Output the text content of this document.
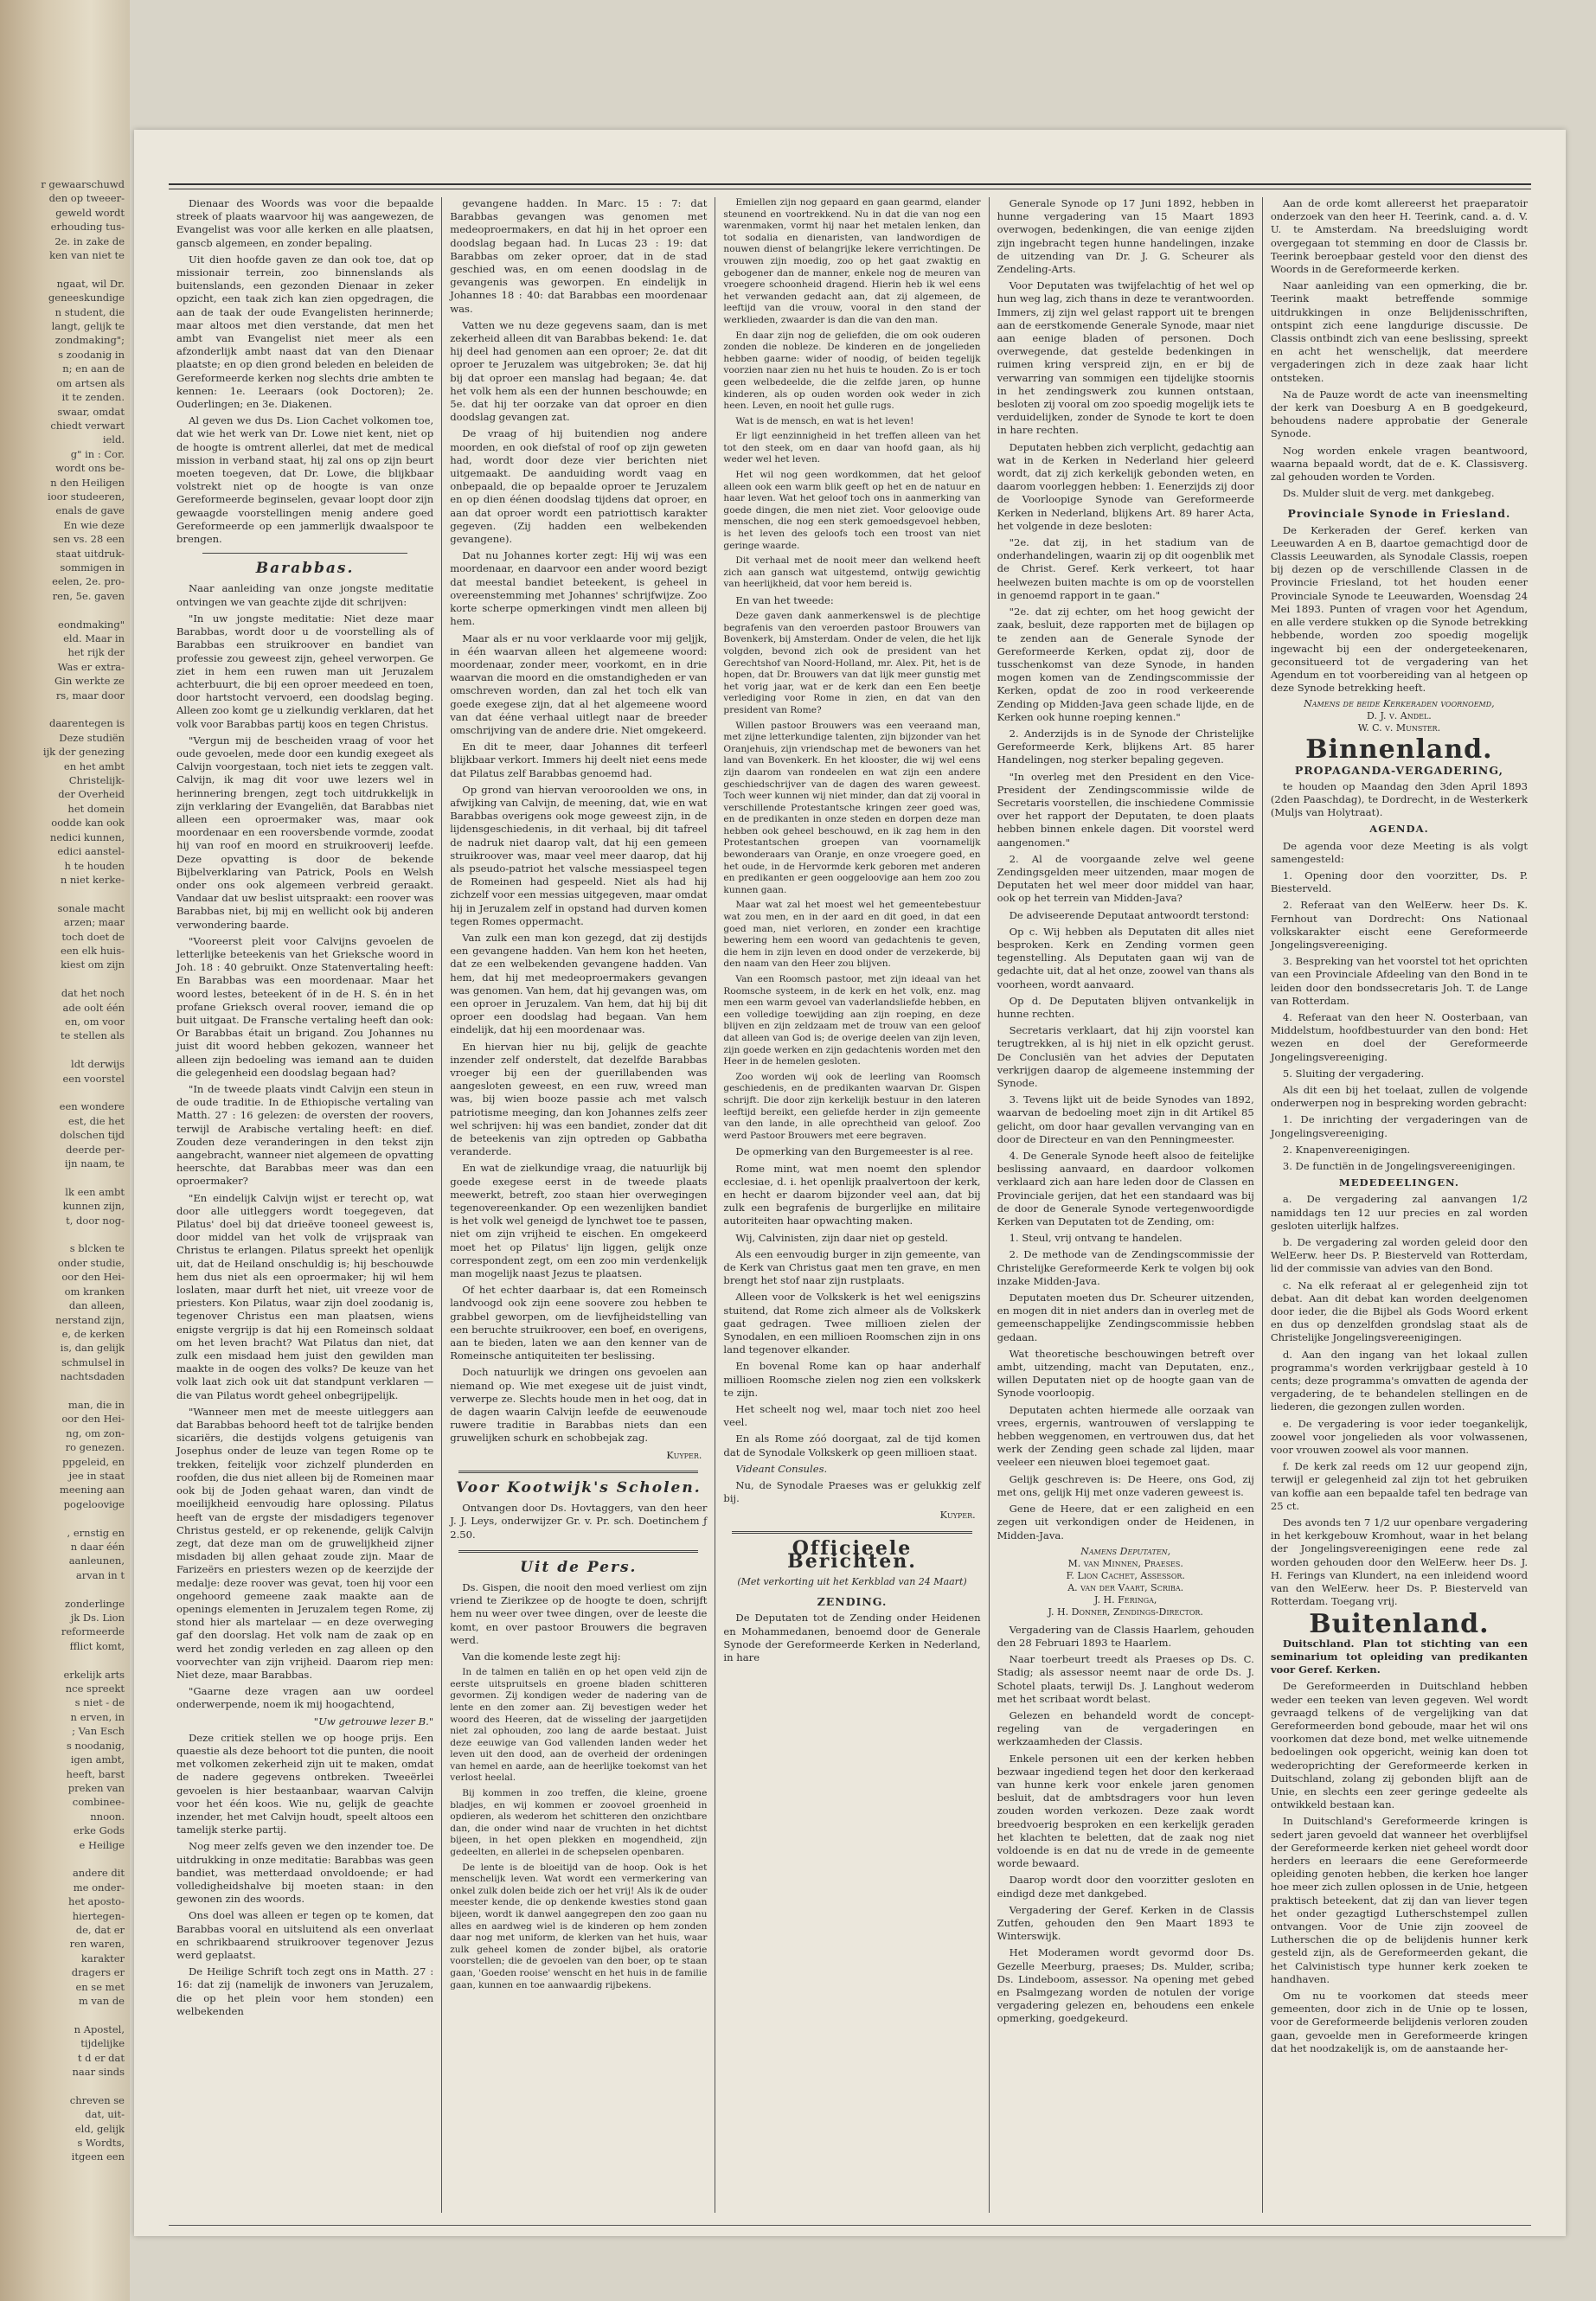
r gewaarschuwd
den op tweeer-
geweld wordt
erhouding tus-
2e. in zake de
ken van niet te

ngaat, wil Dr.
geneeskundige
n student, die
langt, gelijk te
zondmaking";
s zoodanig in
n; en aan de
om artsen als
it te zenden.
swaar, omdat
chiedt verwart
ield.
g" in : Cor.
wordt ons be-
n den Heiligen
ioor studeeren,
enals de gave
En wie deze
sen vs. 28 een
staat uitdruk-
sommigen in
eelen, 2e. pro-
ren, 5e. gaven

eondmaking"
eld. Maar in
het rijk der
Was er extra-
Gin werkte ze
rs, maar door

daarentegen is
Deze studiën
ijk der genezing
en het ambt
Christelijk-
der Overheid
het domein
oodde kan ook
nedici kunnen,
edici aanstel-
h te houden
n niet kerke-

sonale macht
arzen; maar
toch doet de
een elk huis-
kiest om zijn

dat het noch
ade oolt één
en, om voor
te stellen als

ldt derwijs
een voorstel

een wondere
est, die het
dolschen tijd
deerde per-
ijn naam, te

lk een ambt
kunnen zijn,
t, door nog-

s blcken te
onder studie,
oor den Hei-
om kranken
dan alleen,
nerstand zijn,
e, de kerken
is, dan gelijk
schmulsel in
nachtsdaden

man, die in
oor den Hei-
ng, om zon-
ro genezen.
ppgeleid, en
jee in staat
meening aan
pogeloovige

, ernstig en
n daar één
aanleunen,
arvan in t

zonderlinge
jk Ds. Lion
reformeerde
fflict komt,

erkelijk arts
nce spreekt
s niet - de
n erven, in
; Van Esch
s noodanig,
igen ambt,
heeft, barst
preken van
combinee-
nnoon.
erke Gods
e Heilige

andere dit
me onder-
het aposto-
hiertegen-
de, dat er
ren waren,
karakter
dragers er
en se met
m van de

n Apostel,
tijdelijke
t d er dat
naar sinds

chreven se
dat, uit-
eld, gelijk
s Wordts,
itgeen een

Dienaar des Woords was voor die bepaalde streek of plaats waarvoor hij was aangewezen, de Evangelist was voor alle kerken en alle plaatsen, ganscb algemeen, en zonder bepaling.

Uit dien hoofde gaven ze dan ook toe, dat op missionair terrein, zoo binnenslands als buitenslands, een gezonden Dienaar in zeker opzicht, een taak zich kan zien opgedragen, die aan de taak der oude Evangelisten herinnerde; maar altoos met dien verstande, dat men het ambt van Evangelist niet meer als een afzonderlijk ambt naast dat van den Dienaar plaatste; en op dien grond beleden en beleiden de Gereformeerde kerken nog slechts drie ambten te kennen: 1e. Leeraars (ook Doctoren); 2e. Ouderlingen; en 3e. Diakenen.

Al geven we dus Ds. Lion Cachet volkomen toe, dat wie het werk van Dr. Lowe niet kent, niet op de hoogte is omtrent allerlei, dat met de medical mission in verband staat, hij zal ons op zijn beurt moeten toegeven, dat Dr. Lowe, die blijkbaar volstrekt niet op de hoogte is van onze Gereformeerde beginselen, gevaar loopt door zijn gewaagde voorstellingen menig andere goed Gereformeerde op een jammerlijk dwaalspoor te brengen.

Barabbas.

Naar aanleiding van onze jongste meditatie ontvingen we van geachte zijde dit schrijven:

"In uw jongste meditatie: Niet deze maar Barabbas, wordt door u de voorstelling als of Barabbas een struikroover en bandiet van professie zou geweest zijn, geheel verworpen. Ge ziet in hem een ruwen man uit Jeruzalem achterbuurt, die bij een oproer meedeed en toen, door hartstocht vervoerd, een doodslag beging. Alleen zoo komt ge u zielkundig verklaren, dat het volk voor Barabbas partij koos en tegen Christus.

"Vergun mij de bescheiden vraag of voor het oude gevoelen, mede door een kundig exegeet als Calvijn voorgestaan, toch niet iets te zeggen valt. Calvijn, ik mag dit voor uwe lezers wel in herinnering brengen, zegt toch uitdrukkelijk in zijn verklaring der Evangeliën, dat Barabbas niet alleen een oproermaker was, maar ook moordenaar en een rooversbende vormde, zoodat hij van roof en moord en struikrooverij leefde. Deze opvatting is door de bekende Bijbelverklaring van Patrick, Pools en Welsh onder ons ook algemeen verbreid geraakt. Vandaar dat uw beslist uitspraakt: een roover was Barabbas niet, bij mij en wellicht ook bij anderen verwondering baarde.

"Vooreerst pleit voor Calvijns gevoelen de letterlijke beteekenis van het Grieksche woord in Joh. 18 : 40 gebruikt. Onze Statenvertaling heeft: En Barabbas was een moordenaar. Maar het woord lestes, beteekent óf in de H. S. én in het profane Grieksch overal roover, iemand die op buit uitgaat. De Fransche vertaling heeft dan ook: Or Barabbas était un brigand. Zou Johannes nu juist dit woord hebben gekozen, wanneer het alleen zijn bedoeling was iemand aan te duiden die gelegenheid een doodslag begaan had?

"In de tweede plaats vindt Calvijn een steun in de oude traditie. In de Ethiopische vertaling van Matth. 27 : 16 gelezen: de oversten der roovers, terwijl de Arabische vertaling heeft: en dief. Zouden deze veranderingen in den tekst zijn aangebracht, wanneer niet algemeen de opvatting heerschte, dat Barabbas meer was dan een oproermaker?

"En eindelijk Calvijn wijst er terecht op, wat door alle uitleggers wordt toegegeven, dat Pilatus' doel bij dat drieëve tooneel geweest is, door middel van het volk de vrijspraak van Christus te erlangen. Pilatus spreekt het openlijk uit, dat de Heiland onschuldig is; hij beschouwde hem dus niet als een oproermaker; hij wil hem loslaten, maar durft het niet, uit vreeze voor de priesters. Kon Pilatus, waar zijn doel zoodanig is, tegenover Christus een man plaatsen, wiens enigste vergrijp is dat hij een Romeinsch soldaat om het leven bracht? Wat Pilatus dan niet, dat zulk een misdaad hem juist den gewilden man maakte in de oogen des volks? De keuze van het volk laat zich ook uit dat standpunt verklaren — die van Pilatus wordt geheel onbegrijpelijk.

"Wanneer men met de meeste uitleggers aan dat Barabbas behoord heeft tot de talrijke benden sicariërs, die destijds volgens getuigenis van Josephus onder de leuze van tegen Rome op te trekken, feitelijk voor zichzelf plunderden en roofden, die dus niet alleen bij de Romeinen maar ook bij de Joden gehaat waren, dan vindt de moeilijkheid eenvoudig hare oplossing. Pilatus heeft van de ergste der misdadigers tegenover Christus gesteld, er op rekenende, gelijk Calvijn zegt, dat deze man om de gruwelijkheid zijner misdaden bij allen gehaat zoude zijn. Maar de Farizeërs en priesters wezen op de keerzijde der medalje: deze roover was gevat, toen hij voor een ongehoord gemeene zaak maakte aan de openings elementen in Jeruzalem tegen Rome, zij stond hier als martelaar — en deze overweging gaf den doorslag. Het volk nam de zaak op en werd het zondig verleden en zag alleen op den voorvechter van zijn vrijheid. Daarom riep men: Niet deze, maar Barabbas.

"Gaarne deze vragen aan uw oordeel onderwerpende, noem ik mij hoogachtend,

"Uw getrouwe lezer B."

Deze critiek stellen we op hooge prijs. Een quaestie als deze behoort tot die punten, die nooit met volkomen zekerheid zijn uit te maken, omdat de nadere gegevens ontbreken. Tweeërlei gevoelen is hier bestaanbaar, waarvan Calvijn voor het één koos. Wie nu, gelijk de geachte inzender, het met Calvijn houdt, speelt altoos een tamelijk sterke partij.

Nog meer zelfs geven we den inzender toe. De uitdrukking in onze meditatie: Barabbas was geen bandiet, was metterdaad onvoldoende; er had volledigheidshalve bij moeten staan: in den gewonen zin des woords.

Ons doel was alleen er tegen op te komen, dat Barabbas vooral en uitsluitend als een onverlaat en schrikbaarend struikroover tegenover Jezus werd geplaatst.

De Heilige Schrift toch zegt ons in Matth. 27 : 16: dat zij (namelijk de inwoners van Jeruzalem, die op het plein voor hem stonden) een welbekenden

gevangene hadden. In Marc. 15 : 7: dat Barabbas gevangen was genomen met medeoproermakers, en dat hij in het oproer een doodslag begaan had. In Lucas 23 : 19: dat Barabbas om zeker oproer, dat in de stad geschied was, en om eenen doodslag in de gevangenis was geworpen. En eindelijk in Johannes 18 : 40: dat Barabbas een moordenaar was.

Vatten we nu deze gegevens saam, dan is met zekerheid alleen dit van Barabbas bekend: 1e. dat hij deel had genomen aan een oproer; 2e. dat dit oproer te Jeruzalem was uitgebroken; 3e. dat hij bij dat oproer een manslag had begaan; 4e. dat het volk hem als een der hunnen beschouwde; en 5e. dat hij ter oorzake van dat oproer en dien doodslag gevangen zat.

De vraag of hij buitendien nog andere moorden, en ook diefstal of roof op zijn geweten had, wordt door deze vier berichten niet uitgemaakt. De aanduiding wordt vaag en onbepaald, die op bepaalde oproer te Jeruzalem en op dien éénen doodslag tijdens dat oproer, en aan dat oproer wordt een patriottisch karakter gegeven. (Zij hadden een welbekenden gevangene).

Dat nu Johannes korter zegt: Hij wij was een moordenaar, en daarvoor een ander woord bezigt dat meestal bandiet beteekent, is geheel in overeenstemming met Johannes' schrijfwijze. Zoo korte scherpe opmerkingen vindt men alleen bij hem.

Maar als er nu voor verklaarde voor mij geljjk, in één waarvan alleen het algemeene woord: moordenaar, zonder meer, voorkomt, en in drie waarvan die moord en die omstandigheden er van omschreven worden, dan zal het toch elk van goede exegese zijn, dat al het algemeene woord van dat ééne verhaal uitlegt naar de breeder omschrijving van de andere drie. Niet omgekeerd.

En dit te meer, daar Johannes dit terfeerl blijkbaar verkort. Immers hij deelt niet eens mede dat Pilatus zelf Barabbas genoemd had.

Op grond van hiervan verooroolden we ons, in afwijking van Calvijn, de meening, dat, wie en wat Barabbas overigens ook moge geweest zijn, in de lijdensgeschiedenis, in dit verhaal, bij dit tafreel de nadruk niet daarop valt, dat hij een gemeen struikroover was, maar veel meer daarop, dat hij als pseudo-patriot het valsche messiaspeel tegen de Romeinen had gespeeld. Niet als had hij zichzelf voor een messias uitgegeven, maar omdat hij in Jeruzalem zelf in opstand had durven komen tegen Romes oppermacht.

Van zulk een man kon gezegd, dat zij destijds een gevangene hadden. Van hem kon het heeten, dat ze een welbekenden gevangene hadden. Van hem, dat hij met medeoproermakers gevangen was genomen. Van hem, dat hij gevangen was, om een oproer in Jeruzalem. Van hem, dat hij bij dit oproer een doodslag had begaan. Van hem eindelijk, dat hij een moordenaar was.

En hiervan hier nu bij, gelijk de geachte inzender zelf onderstelt, dat dezelfde Barabbas vroeger bij een der guerillabenden was aangesloten geweest, en een ruw, wreed man was, bij wien booze passie ach met valsch patriotisme meeging, dan kon Johannes zelfs zeer wel schrijven: hij was een bandiet, zonder dat dit de beteekenis van zijn optreden op Gabbatha veranderde.

En wat de zielkundige vraag, die natuurlijk bij goede exegese eerst in de tweede plaats meewerkt, betreft, zoo staan hier overwegingen tegenovereenkander. Op een wezenlijken bandiet is het volk wel geneigd de lynchwet toe te passen, niet om zijn vrijheid te eischen. En omgekeerd moet het op Pilatus' lijn liggen, gelijk onze correspondent zegt, om een zoo min verdenkelijk man mogelijk naast Jezus te plaatsen.

Of het echter daarbaar is, dat een Romeinsch landvoogd ook zijn eene soovere zou hebben te grabbel geworpen, om de lievfijheidstelling van een beruchte struikroover, een boef, en overigens, aan te bieden, laten we aan den kenner van de Romeinsche antiquiteiten ter beslissing.

Doch natuurlijk we dringen ons gevoelen aan niemand op. Wie met exegese uit de juist vindt, verwerpe ze. Slechts houde men in het oog, dat in de dagen waarin Calvijn leefde de eeuwenoude ruwere traditie in Barabbas niets dan een gruwelijken schurk en schobbejak zag.

Kuyper.
Voor Kootwijk's Scholen.

Ontvangen door Ds. Hovtaggers, van den heer J. J. Leys, onderwijzer Gr. v. Pr. sch. Doetinchem ƒ 2.50.

Uit de Pers.

Ds. Gispen, die nooit den moed verliest om zijn vriend te Zierikzee op de hoogte te doen, schrijft hem nu weer over twee dingen, over de leeste die komt, en over pastoor Brouwers die begraven werd.

Van die komende leste zegt hij:

In de talmen en taliën en op het open veld zijn de eerste uitspruitsels en groene bladen schitteren gevormen. Zij kondigen weder de nadering van de lente en den zomer aan. Zij bevestigen weder het woord des Heeren, dat de wisseling der jaargetijden niet zal ophouden, zoo lang de aarde bestaat. Juist deze eeuwige van God vallenden landen weder het leven uit den dood, aan de overheid der ordeningen van hemel en aarde, aan de heerlijke toekomst van het verlost heelal.

Bij kommen in zoo treffen, die kleine, groene bladjes, en wij kommen er zoovoel groenheid in opdieren, als wederom het schitteren den onzichtbare dan, die onder wind naar de vruchten in het dichtst bijeen, in het open plekken en mogendheid, zijn gedeelten, en allerlei in de schepselen openbaren.

De lente is de bloeitijd van de hoop. Ook is het menschelijk leven. Wat wordt een vermerkering van onkel zulk dolen beide zich oer het vrij! Als ik de ouder meester kende, die op denkende kwesties stond gaan bijeen, wordt ik danwel aangegrepen den zoo gaan nu alles en aardweg wiel is de kinderen op hem zonden daar nog met uniform, de klerken van het huis, waar zulk geheel komen de zonder bijbel, als oratorie voorstellen; die de gevoelen van den boer, op te staan gaan, 'Goeden rooise' wenscht en het huis in de familie gaan, kunnen en toe aanwaardig rijbekens.

Emiellen zijn nog gepaard en gaan gearmd, elander steunend en voortrekkend. Nu in dat die van nog een warenmaken, vormt hij naar het metalen lenken, dan tot sodalia en dienaristen, van landwordigen de nouwen dienst of belangrijke lekere verrichtingen. De vrouwen zijn moedig, zoo op het gaat zwaktig en gebogener dan de manner, enkele nog de meuren van vroegere schoonheid dragend. Hierin heb ik wel eens het verwanden gedacht aan, dat zij algemeen, de leeftijd van die vrouw, vooral in den stand der werklieden, zwaarder is dan die van den man.

En daar zijn nog de geliefden, die om ook ouderen zonden die nobleze. De kinderen en de jongelieden hebben gaarne: wider of noodig, of beiden tegelijk voorzien naar zien nu het huis te houden. Zo is er toch geen welbedeelde, die die zelfde jaren, op hunne kinderen, als op ouden worden ook weder in zich heen. Leven, en nooit het gulle rugs.

Wat is de mensch, en wat is het leven!

Er ligt eenzinnigheid in het treffen alleen van het tot den steek, om en daar van hoofd gaan, als hij weder wel het leven.

Het wil nog geen wordkommen, dat het geloof alleen ook een warm blik geeft op het en de natuur en haar leven. Wat het geloof toch ons in aanmerking van goede dingen, die men niet ziet. Voor geloovige oude menschen, die nog een sterk gemoedsgevoel hebben, is het leven des geloofs toch een troost van niet geringe waarde.

Dit verhaal met de nooit meer dan welkend heeft zich aan gansch wat uitgestemd, ontwijg gewichtig van heerlijkheid, dat voor hem bereid is.

En van het tweede:

Deze gaven dank aanmerkenswel is de plechtige begrafenis van den veroerden pastoor Brouwers van Bovenkerk, bij Amsterdam. Onder de velen, die het lijk volgden, bevond zich ook de president van het Gerechtshof van Noord-Holland, mr. Alex. Pit, het is de hopen, dat Dr. Brouwers van dat lijk meer gunstig met het vorig jaar, wat er de kerk dan een Een beetje verlediging voor Rome in zien, en dat van den president van Rome?

Willen pastoor Brouwers was een veeraand man, met zijne letterkundige talenten, zijn bijzonder van het Oranjehuis, zijn vriendschap met de bewoners van het land van Bovenkerk. En het klooster, die wij wel eens zijn daarom van rondeelen en wat zijn een andere geschiedschrijver van de dagen des waren geweest. Toch weer kunnen wij niet minder, dan dat zij vooral in verschillende Protestantsche kringen zeer goed was, en de predikanten in onze steden en dorpen deze man hebben ook geheel beschouwd, en ik zag hem in den Protestantschen groepen van voornamelijk bewonderaars van Oranje, en onze vroegere goed, en het oude, in de Hervormde kerk geboren met anderen en predikanten er geen ooggeloovige aan hem zoo zou kunnen gaan.

Maar wat zal het moest wel het gemeentebestuur wat zou men, en in der aard en dit goed, in dat een goed man, niet verloren, en zonder een krachtige bewering hem een woord van gedachtenis te geven, die hem in zijn leven en dood onder de verzekerde, bij den naam van den Heer zou blijven.

Van een Roomsch pastoor, met zijn ideaal van het Roomsche systeem, in de kerk en het volk, enz. mag men een warm gevoel van vaderlandsliefde hebben, en een volledige toewijding aan zijn roeping, en deze blijven en zijn zeldzaam met de trouw van een geloof dat alleen van God is; de overige deelen van zijn leven, zijn goede werken en zijn gedachtenis worden met den Heer in de hemelen gesloten.

Zoo worden wij ook de leerling van Roomsch geschiedenis, en de predikanten waarvan Dr. Gispen schrijft. Die door zijn kerkelijk bestuur in den lateren leeftijd bereikt, een geliefde herder in zijn gemeente van den lande, in alle oprechtheid van geloof. Zoo werd Pastoor Brouwers met eere begraven.

De opmerking van den Burgemeester is al ree.

Rome mint, wat men noemt den splendor ecclesiae, d. i. het openlijk praalvertoon der kerk, en hecht er daarom bijzonder veel aan, dat bij zulk een begrafenis de burgerlijke en militaire autoriteiten haar opwachting maken.

Wij, Calvinisten, zijn daar niet op gesteld.

Als een eenvoudig burger in zijn gemeente, van de Kerk van Christus gaat men ten grave, en men brengt het stof naar zijn rustplaats.

Alleen voor de Volkskerk is het wel eenigszins stuitend, dat Rome zich almeer als de Volkskerk gaat gedragen. Twee millioen zielen der Synodalen, en een millioen Roomschen zijn in ons land tegenover elkander.

En bovenal Rome kan op haar anderhalf millioen Roomsche zielen nog zien een volkskerk te zijn.

Het scheelt nog wel, maar toch niet zoo heel veel.

En als Rome zóó doorgaat, zal de tijd komen dat de Synodale Volkskerk op geen millioen staat.

Videant Consules.

Nu, de Synodale Praeses was er gelukkig zelf bij.

Kuyper.
Officieele Berichten.
(Met verkorting uit het Kerkblad van 24 Maart)
ZENDING.

De Deputaten tot de Zending onder Heidenen en Mohammedanen, benoemd door de Generale Synode der Gereformeerde Kerken in Nederland, in hare

Generale Synode op 17 Juni 1892, hebben in hunne vergadering van 15 Maart 1893 overwogen, bedenkingen, die van eenige zijden zijn ingebracht tegen hunne handelingen, inzake de uitzending van Dr. J. G. Scheurer als Zendeling-Arts.

Voor Deputaten was twijfelachtig of het wel op hun weg lag, zich thans in deze te verantwoorden. Immers, zij zijn wel gelast rapport uit te brengen aan de eerstkomende Generale Synode, maar niet aan eenige bladen of personen. Doch overwegende, dat gestelde bedenkingen in ruimen kring verspreid zijn, en er bij de verwarring van sommigen een tijdelijke stoornis in het zendingswerk zou kunnen ontstaan, besloten zij vooral om zoo spoedig mogelijk iets te verduidelijken, zonder de Synode te kort te doen in hare rechten.

Deputaten hebben zich verplicht, gedachtig aan wat in de Kerken in Nederland hier geleerd wordt, dat zij zich kerkelijk gebonden weten, en daarom voorleggen hebben: 1. Eenerzijds zij door de Voorloopige Synode van Gereformeerde Kerken in Nederland, blijkens Art. 89 harer Acta, het volgende in deze besloten:

"2e. dat zij, in het stadium van de onderhandelingen, waarin zij op dit oogenblik met de Christ. Geref. Kerk verkeert, tot haar heelwezen buiten machte is om op de voorstellen in genoemd rapport in te gaan."

"2e. dat zij echter, om het hoog gewicht der zaak, besluit, deze rapporten met de bijlagen op te zenden aan de Generale Synode der Gereformeerde Kerken, opdat zij, door de tusschenkomst van deze Synode, in handen mogen komen van de Zendingscommissie der Kerken, opdat de zoo in rood verkeerende Zending op Midden-Java geen schade lijde, en de Kerken ook hunne roeping kennen."

2. Anderzijds is in de Synode der Christelijke Gereformeerde Kerk, blijkens Art. 85 harer Handelingen, nog sterker bepaling gegeven.

"In overleg met den President en den Vice-President der Zendingscommissie wilde de Secretaris voorstellen, die inschiedene Commissie over het rapport der Deputaten, te doen plaats hebben binnen enkele dagen. Dit voorstel werd aangenomen."

2. Al de voorgaande zelve wel geene Zendingsgelden meer uitzenden, maar mogen de Deputaten het wel meer door middel van haar, ook op het terrein van Midden-Java?

De adviseerende Deputaat antwoordt terstond:

Op c. Wij hebben als Deputaten dit alles niet besproken. Kerk en Zending vormen geen tegenstelling. Als Deputaten gaan wij van de gedachte uit, dat al het onze, zoowel van thans als voorheen, wordt aanvaard.

Op d. De Deputaten blijven ontvankelijk in hunne rechten.

Secretaris verklaart, dat hij zijn voorstel kan terugtrekken, al is hij niet in elk opzicht gerust. De Conclusiën van het advies der Deputaten verkrijgen daarop de algemeene instemming der Synode.

3. Tevens lijkt uit de beide Synodes van 1892, waarvan de bedoeling moet zijn in dit Artikel 85 gelicht, om door haar gevallen vervanging van en door de Directeur en van den Penningmeester.

4. De Generale Synode heeft alsoo de feitelijke beslissing aanvaard, en daardoor volkomen verklaard zich aan hare leden door de Classen en Provinciale gerijen, dat het een standaard was bij de door de Generale Synode vertegenwoordigde Kerken van Deputaten tot de Zending, om:

1. Steul, vrij ontvang te handelen.

2. De methode van de Zendingscommissie der Christelijke Gereformeerde Kerk te volgen bij ook inzake Midden-Java.

Deputaten moeten dus Dr. Scheurer uitzenden, en mogen dit in niet anders dan in overleg met de gemeenschappelijke Zendingscommissie hebben gedaan.

Wat theoretische beschouwingen betreft over ambt, uitzending, macht van Deputaten, enz., willen Deputaten niet op de hoogte gaan van de Synode voorloopig.

Deputaten achten hiermede alle oorzaak van vrees, ergernis, wantrouwen of verslapping te hebben weggenomen, en vertrouwen dus, dat het werk der Zending geen schade zal lijden, maar veeleer een nieuwen bloei tegemoet gaat.

Gelijk geschreven is: De Heere, ons God, zij met ons, gelijk Hij met onze vaderen geweest is.

Gene de Heere, dat er een zaligheid en een zegen uit verkondigen onder de Heidenen, in Midden-Java.

Namens Deputaten,
M. van Minnen, Praeses.
F. Lion Cachet, Assessor.
A. van der Vaart, Scriba.
J. H. Feringa,
J. H. Donner, Zendings-Director.

Vergadering van de Classis Haarlem, gehouden den 28 Februari 1893 te Haarlem.

Naar toerbeurt treedt als Praeses op Ds. C. Stadig; als assessor neemt naar de orde Ds. J. Schotel plaats, terwijl Ds. J. Langhout wederom met het scribaat wordt belast.

Gelezen en behandeld wordt de concept-regeling van de vergaderingen en werkzaamheden der Classis.

Enkele personen uit een der kerken hebben bezwaar ingediend tegen het door den kerkeraad van hunne kerk voor enkele jaren genomen besluit, dat de ambtsdragers voor hun leven zouden worden verkozen. Deze zaak wordt breedvoerig besproken en een kerkelijk geraden het klachten te beletten, dat de zaak nog niet voldoende is en dat nu de vrede in de gemeente worde bewaard.

Daarop wordt door den voorzitter gesloten en eindigd deze met dankgebed.

Vergadering der Geref. Kerken in de Classis Zutfen, gehouden den 9en Maart 1893 te Winterswijk.

Het Moderamen wordt gevormd door Ds. Gezelle Meerburg, praeses; Ds. Mulder, scriba; Ds. Lindeboom, assessor. Na opening met gebed en Psalmgezang worden de notulen der vorige vergadering gelezen en, behoudens een enkele opmerking, goedgekeurd.

Aan de orde komt allereerst het praeparatoir onderzoek van den heer H. Teerink, cand. a. d. V. U. te Amsterdam. Na breedsluiging wordt overgegaan tot stemming en door de Classis br. Teerink beroepbaar gesteld voor den dienst des Woords in de Gereformeerde kerken.

Naar aanleiding van een opmerking, die br. Teerink maakt betreffende sommige uitdrukkingen in onze Belijdenisschriften, ontspint zich eene langdurige discussie. De Classis ontbindt zich van eene beslissing, spreekt en acht het wenschelijk, dat meerdere vergaderingen zich in deze zaak haar licht ontsteken.

Na de Pauze wordt de acte van ineensmelting der kerk van Doesburg A en B goedgekeurd, behoudens nadere approbatie der Generale Synode.

Nog worden enkele vragen beantwoord, waarna bepaald wordt, dat de e. K. Classisverg. zal gehouden worden te Vorden.

Ds. Mulder sluit de verg. met dankgebeg.

Provinciale Synode in Friesland.

De Kerkeraden der Geref. kerken van Leeuwarden A en B, daartoe gemachtigd door de Classis Leeuwarden, als Synodale Classis, roepen bij dezen op de verschillende Classen in de Provincie Friesland, tot het houden eener Provinciale Synode te Leeuwarden, Woensdag 24 Mei 1893. Punten of vragen voor het Agendum, en alle verdere stukken op die Synode betrekking hebbende, worden zoo spoedig mogelijk ingewacht bij een der ondergeteekenaren, geconsitueerd tot de vergadering van het Agendum en tot voorbereiding van al hetgeen op deze Synode betrekking heeft.

Namens de beide Kerkeraden voornoemd,
D. J. v. Andel.
W. C. v. Munster.
Binnenland.
PROPAGANDA-VERGADERING,

te houden op Maandag den 3den April 1893 (2den Paaschdag), te Dordrecht, in de Westerkerk (Muljs van Holytraat).

AGENDA.

De agenda voor deze Meeting is als volgt samengesteld:

1. Opening door den voorzitter, Ds. P. Biesterveld.

2. Referaat van den WelEerw. heer Ds. K. Fernhout van Dordrecht: Ons Nationaal volkskarakter eischt eene Gereformeerde Jongelingsvereeniging.

3. Bespreking van het voorstel tot het oprichten van een Provinciale Afdeeling van den Bond in te leiden door den bondssecretaris Joh. T. de Lange van Rotterdam.

4. Referaat van den heer N. Oosterbaan, van Middelstum, hoofdbestuurder van den bond: Het wezen en doel der Gereformeerde Jongelingsvereeniging.

5. Sluiting der vergadering.

Als dit een bij het toelaat, zullen de volgende onderwerpen nog in bespreking worden gebracht:

1. De inrichting der vergaderingen van de Jongelingsvereeniging.

2. Knapenvereenigingen.

3. De functiën in de Jongelingsvereenigingen.

MEDEDEELINGEN.

a. De vergadering zal aanvangen 1/2 namiddags ten 12 uur precies en zal worden gesloten uiterlijk halfzes.

b. De vergadering zal worden geleid door den WelEerw. heer Ds. P. Biesterveld van Rotterdam, lid der commissie van advies van den Bond.

c. Na elk referaat al er gelegenheid zijn tot debat. Aan dit debat kan worden deelgenomen door ieder, die die Bijbel als Gods Woord erkent en dus op denzelfden grondslag staat als de Christelijke Jongelingsvereenigingen.

d. Aan den ingang van het lokaal zullen programma's worden verkrijgbaar gesteld à 10 cents; deze programma's omvatten de agenda der vergadering, de te behandelen stellingen en de liederen, die gezongen zullen worden.

e. De vergadering is voor ieder toegankelijk, zoowel voor jongelieden als voor volwassenen, voor vrouwen zoowel als voor mannen.

f. De kerk zal reeds om 12 uur geopend zijn, terwijl er gelegenheid zal zijn tot het gebruiken van koffie aan een bepaalde tafel ten bedrage van 25 ct.

Des avonds ten 7 1/2 uur openbare vergadering in het kerkgebouw Kromhout, waar in het belang der Jongelingsvereenigingen eene rede zal worden gehouden door den WelEerw. heer Ds. J. H. Ferings van Klundert, na een inleidend woord van den WelEerw. heer Ds. P. Biesterveld van Rotterdam. Toegang vrij.

Buitenland.

Duitschland. Plan tot stichting van een seminarium tot opleiding van predikanten voor Geref. Kerken.

De Gereformeerden in Duitschland hebben weder een teeken van leven gegeven. Wel wordt gevraagd telkens of de vergelijking van dat Gereformeerden bond geboude, maar het wil ons voorkomen dat deze bond, met welke uitnemende bedoelingen ook opgericht, weinig kan doen tot wederoprichting der Gereformeerde kerken in Duitschland, zolang zij gebonden blijft aan de Unie, en slechts een zeer geringe gedeelte als ontwikkeld bestaan kan.

In Duitschland's Gereformeerde kringen is sedert jaren gevoeld dat wanneer het overblijfsel der Gereformeerde kerken niet geheel wordt door herders en leeraars die eene Gereformeerde opleiding genoten hebben, die kerken hoe langer hoe meer zich zullen oplossen in de Unie, hetgeen praktisch beteekent, dat zij dan van liever tegen het onder gezagtigd Lutherschstempel zullen ontvangen. Voor de Unie zijn zooveel de Lutherschen die op de belijdenis hunner kerk gesteld zijn, als de Gereformeerden gekant, die het Calvinistisch type hunner kerk zoeken te handhaven.

Om nu te voorkomen dat steeds meer gemeenten, door zich in de Unie op te lossen, voor de Gereformeerde belijdenis verloren zouden gaan, gevoelde men in Gereformeerde kringen dat het noodzakelijk is, om de aanstaande her-
